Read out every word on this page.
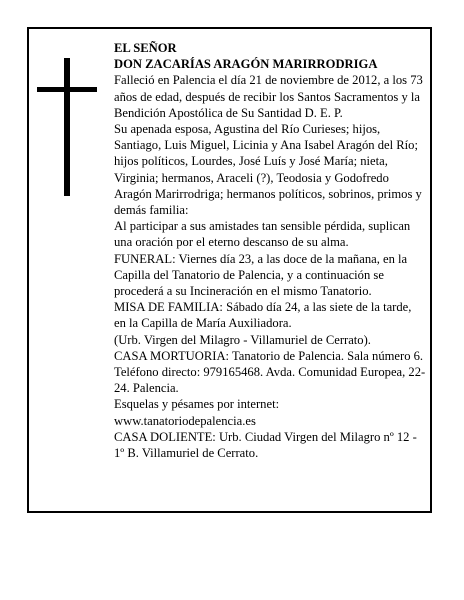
EL SEÑOR

DON ZACARÍAS ARAGÓN MARIRRODRIGA

Falleció en Palencia el día 21 de noviembre de 2012, a los 73 años de edad, después de recibir los Santos Sacramentos y la Bendición Apostólica de Su Santidad D. E. P.

Su apenada esposa, Agustina del Río Curieses; hijos, Santiago, Luis Miguel, Licinia y Ana Isabel Aragón del Río; hijos políticos, Lourdes, José Luís y José María; nieta, Virginia; hermanos, Araceli (?), Teodosia y Godofredo Aragón Marirrodriga; hermanos políticos, sobrinos, primos y demás familia:

Al participar a sus amistades tan sensible pérdida, suplican una oración por el eterno descanso de su alma.

FUNERAL: Viernes día 23, a las doce de la mañana, en la Capilla del Tanatorio de Palencia, y a continuación se procederá a su Incineración en el mismo Tanatorio.

MISA DE FAMILIA: Sábado día 24, a las siete de la tarde, en la Capilla de María Auxiliadora.

(Urb. Virgen del Milagro - Villamuriel de Cerrato).

CASA MORTUORIA: Tanatorio de Palencia. Sala número 6. Teléfono directo: 979165468. Avda. Comunidad Europea, 22-24. Palencia.

Esquelas y pésames por internet:

www.tanatoriodepalencia.es

CASA DOLIENTE: Urb. Ciudad Virgen del Milagro nº 12 - 1º B. Villamuriel de Cerrato.
